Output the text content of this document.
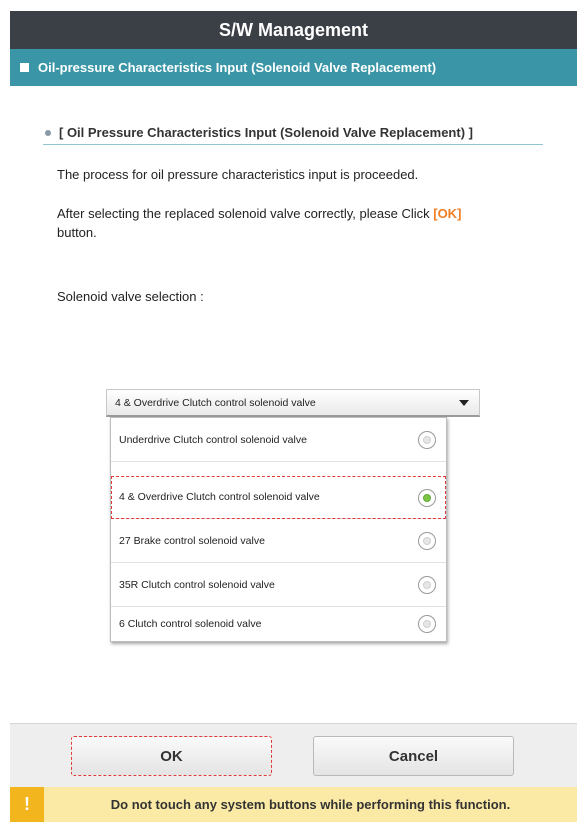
S/W Management
Oil-pressure Characteristics Input (Solenoid Valve Replacement)
[ Oil Pressure Characteristics Input (Solenoid Valve Replacement) ]
The process for oil pressure characteristics input is proceeded.
After selecting the replaced solenoid valve correctly, please Click [OK]
button.
Solenoid valve selection :
4 & Overdrive Clutch control solenoid valve
Underdrive Clutch control solenoid valve
4 & Overdrive Clutch control solenoid valve
27 Brake control solenoid valve
35R Clutch control solenoid valve
6 Clutch control solenoid valve
OK	Cancel
!	Do not touch any system buttons while performing this function.
